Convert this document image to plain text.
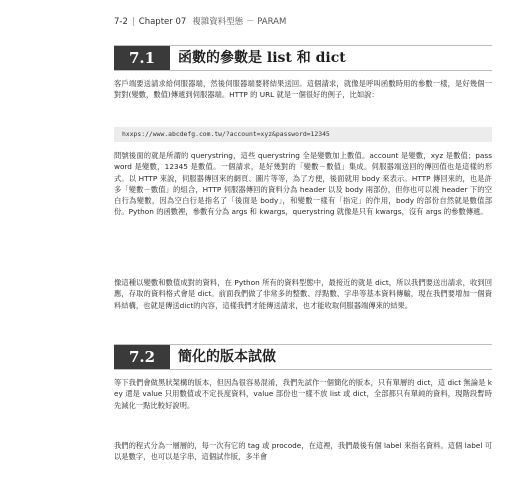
7-2 | Chapter 07 複雜資料型態 － PARAM
7.1	函數的參數是 list 和 dict
客戶端要送請求給伺服器端，然後伺服器端要將結果送回。這個請求，就像是呼叫函數時用的參數一樣，是好幾個一對對(變數，數值)傳遞到伺服器端。HTTP 的 URL 就是一個很好的例子，比如說：
hxxps://www.abcdefg.com.tw/?account=xyz&password=12345
問號後面的就是所謂的 querystring，這些 querystring 全是變數加上數值。account 是變數，xyz 是數值；password 是變數，12345 是數值。一個請求，是好幾對的「變數－數值」集成。伺服器端送回的傳回值也是這樣的形式。以 HTTP 來說，伺服器傳回來的網頁、圖片等等，為了方便，後面就用 body 來表示。HTTP 傳回來的，也是許多「變數－數值」的組合，HTTP 伺服器傳回的資料分為 header 以及 body 兩部份，但你也可以視 header 下的空白行為變數，因為空白行是指名了「後面是 body」，和變數一樣有「指定」的作用，body 的部份自然就是數值部份。Python 的函數裡，參數有分為 args 和 kwargs，querystring 就像是只有 kwargs，沒有 args 的參數傳遞。
像這種以變數和數值成對的資料，在 Python 所有的資料型態中，最接近的就是 dict，所以我們要送出請求，收到回應，存取的資料格式會是 dict。前面我們做了非常多的整數、浮點數、字串等基本資料傳輸，現在我們要增加一個資料結構，也就是傳送dict的內容，這樣我們才能傳送請求，也才能收取伺服器端傳來的結果。
7.2	簡化的版本試做
等下我們會做黑狀架構的版本，但因為很容易混淆，我們先試作一個簡化的版本，只有單層的 dict，這 dict 無論是 key 還是 value 只用數值或不定長度資料，value 部份也一樣不放 list 或 dict，全部都只有單純的資料，現階段暫時先減化一點比較好說明。
我們的程式分為一層層的，每一次有它的 tag 或 procode，在這裡，我們最後有個 label 來指名資料。這個 label 可以是數字，也可以是字串，這個試作版，多半會
